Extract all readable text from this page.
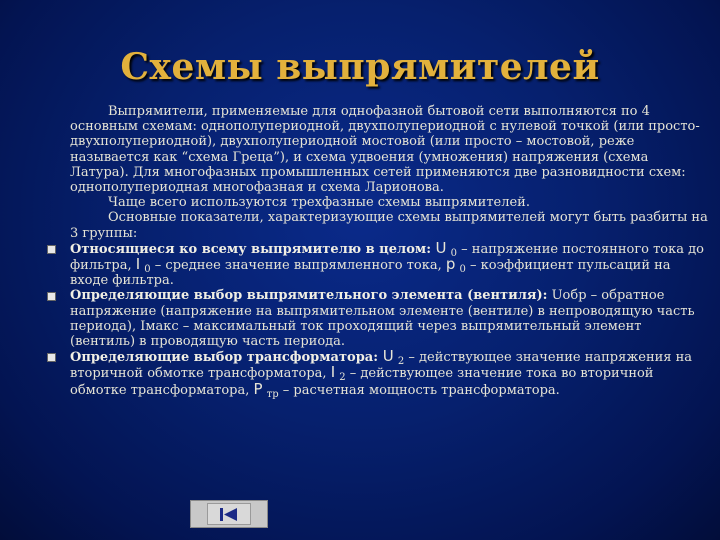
Схемы выпрямителей

Выпрямители, применяемые для однофазной бытовой сети выполняются по 4 основным схемам: однополупериодной, двухполупериодной с нулевой точкой (или просто-двухполупериодной), двухполупериодной мостовой (или просто – мостовой, реже называется как “схема Греца”), и схема удвоения (умножения) напряжения (схема Латура). Для многофазных промышленных сетей применяются две разновидности схем: однополупериодная многофазная и схема Ларионова.

Чаще всего используются трехфазные схемы выпрямителей.

Основные показатели, характеризующие схемы выпрямителей могут быть разбиты на 3 группы:

Относящиеся ко всему выпрямителю в целом: U $_0$ – напряжение постоянного тока до фильтра, I $_0$ – среднее значение выпрямленного тока, p $_0$ – коэффициент пульсаций на входе фильтра.

Определяющие выбор выпрямительного элемента (вентиля): Uобр – обратное напряжение (напряжение на выпрямительном элементе (вентиле) в непроводящую часть периода), Iмакс – максимальный ток проходящий через выпрямительный элемент (вентиль) в проводящую часть периода.

Определяющие выбор трансформатора: U $_2$ – действующее значение напряжения на вторичной обмотке трансформатора, I $_2$ – действующее значение тока во вторичной обмотке трансформатора, P $_{тр}$ – расчетная мощность трансформатора.
